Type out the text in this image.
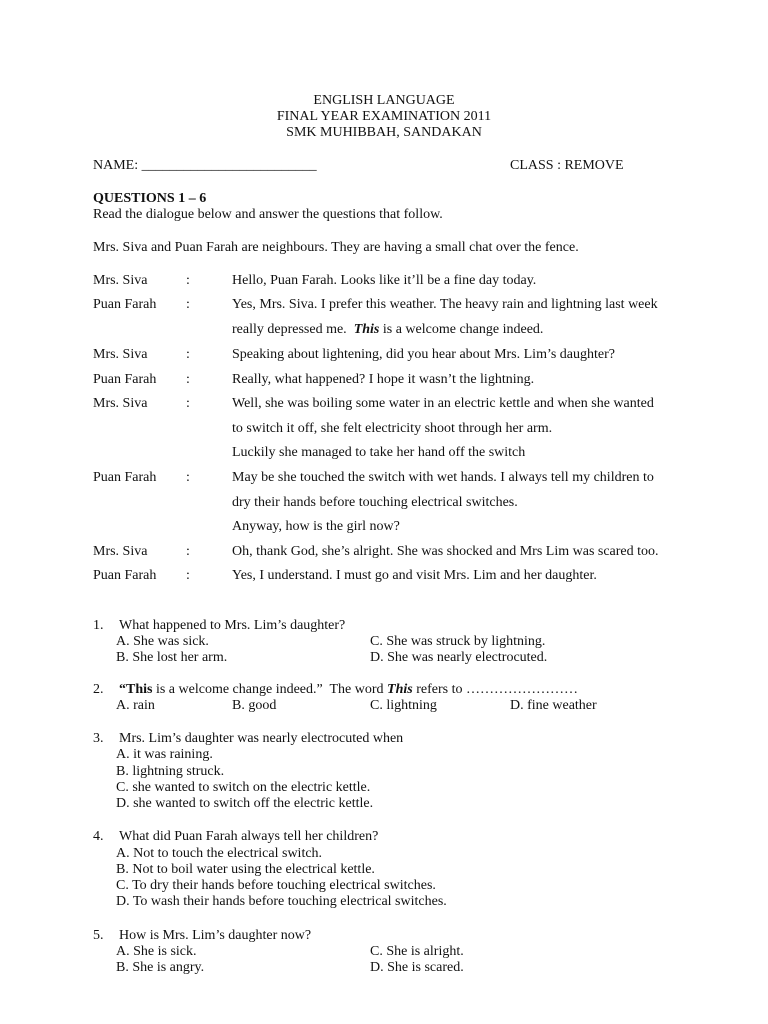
ENGLISH LANGUAGE
FINAL YEAR EXAMINATION 2011
SMK MUHIBBAH, SANDAKAN
NAME: _________________________	CLASS : REMOVE
QUESTIONS 1 – 6
Read the dialogue below and answer the questions that follow.
Mrs. Siva and Puan Farah are neighbours. They are having a small chat over the fence.
Mrs. Siva	:	Hello, Puan Farah. Looks like it’ll be a fine day today.
Puan Farah :	Yes, Mrs. Siva. I prefer this weather. The heavy rain and lightning last week
really depressed me.  This is a welcome change indeed.
Mrs. Siva	:	Speaking about lightening, did you hear about Mrs. Lim’s daughter?
Puan Farah :	Really, what happened? I hope it wasn’t the lightning.
Mrs. Siva	:	Well, she was boiling some water in an electric kettle and when she wanted
to switch it off, she felt electricity shoot through her arm.
Luckily she managed to take her hand off the switch
Puan Farah :	May be she touched the switch with wet hands. I always tell my children to
dry their hands before touching electrical switches.
Anyway, how is the girl now?
Mrs. Siva	:	Oh, thank God, she’s alright. She was shocked and Mrs Lim was scared too.
Puan Farah :	Yes, I understand. I must go and visit Mrs. Lim and her daughter.
1. What happened to Mrs. Lim’s daughter?
A. She was sick.	C. She was struck by lightning.
B. She lost her arm.	D. She was nearly electrocuted.
2. “This is a welcome change indeed.”  The word This refers to ……………………
A. rain	B. good	C. lightning	D. fine weather
3. Mrs. Lim’s daughter was nearly electrocuted when
A. it was raining.
B. lightning struck.
C. she wanted to switch on the electric kettle.
D. she wanted to switch off the electric kettle.
4. What did Puan Farah always tell her children?
A. Not to touch the electrical switch.
B. Not to boil water using the electrical kettle.
C. To dry their hands before touching electrical switches.
D. To wash their hands before touching electrical switches.
5. How is Mrs. Lim’s daughter now?
A. She is sick.	C. She is alright.
B. She is angry.	D. She is scared.
